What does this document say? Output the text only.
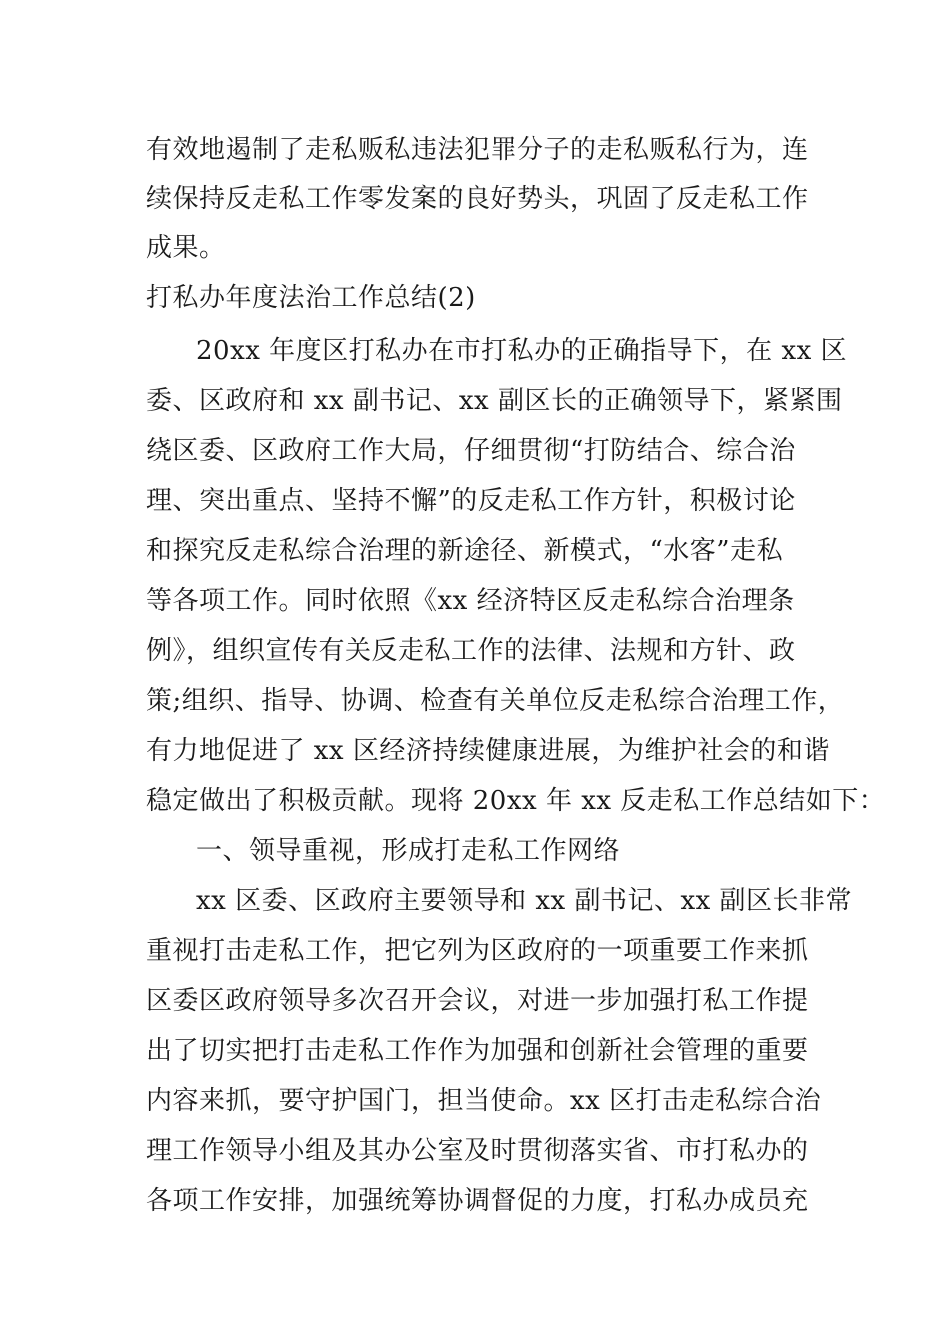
有效地遏制了走私贩私违法犯罪分子的走私贩私行为，连
续保持反走私工作零发案的良好势头，巩固了反走私工作
成果。
打私办年度法治工作总结(2)
20xx 年度区打私办在市打私办的正确指导下，在 xx 区
委、区政府和 xx 副书记、xx 副区长的正确领导下，紧紧围
绕区委、区政府工作大局，仔细贯彻“打防结合、综合治
理、突出重点、坚持不懈”的反走私工作方针，积极讨论
和探究反走私综合治理的新途径、新模式，“水客”走私
等各项工作。同时依照《xx 经济特区反走私综合治理条
例》，组织宣传有关反走私工作的法律、法规和方针、政
策;组织、指导、协调、检查有关单位反走私综合治理工作，
有力地促进了 xx 区经济持续健康进展，为维护社会的和谐
稳定做出了积极贡献。现将 20xx 年 xx 反走私工作总结如下：
一、领导重视，形成打走私工作网络
xx 区委、区政府主要领导和 xx 副书记、xx 副区长非常
重视打击走私工作，把它列为区政府的一项重要工作来抓
区委区政府领导多次召开会议，对进一步加强打私工作提
出了切实把打击走私工作作为加强和创新社会管理的重要
内容来抓，要守护国门，担当使命。xx 区打击走私综合治
理工作领导小组及其办公室及时贯彻落实省、市打私办的
各项工作安排，加强统筹协调督促的力度，打私办成员充
